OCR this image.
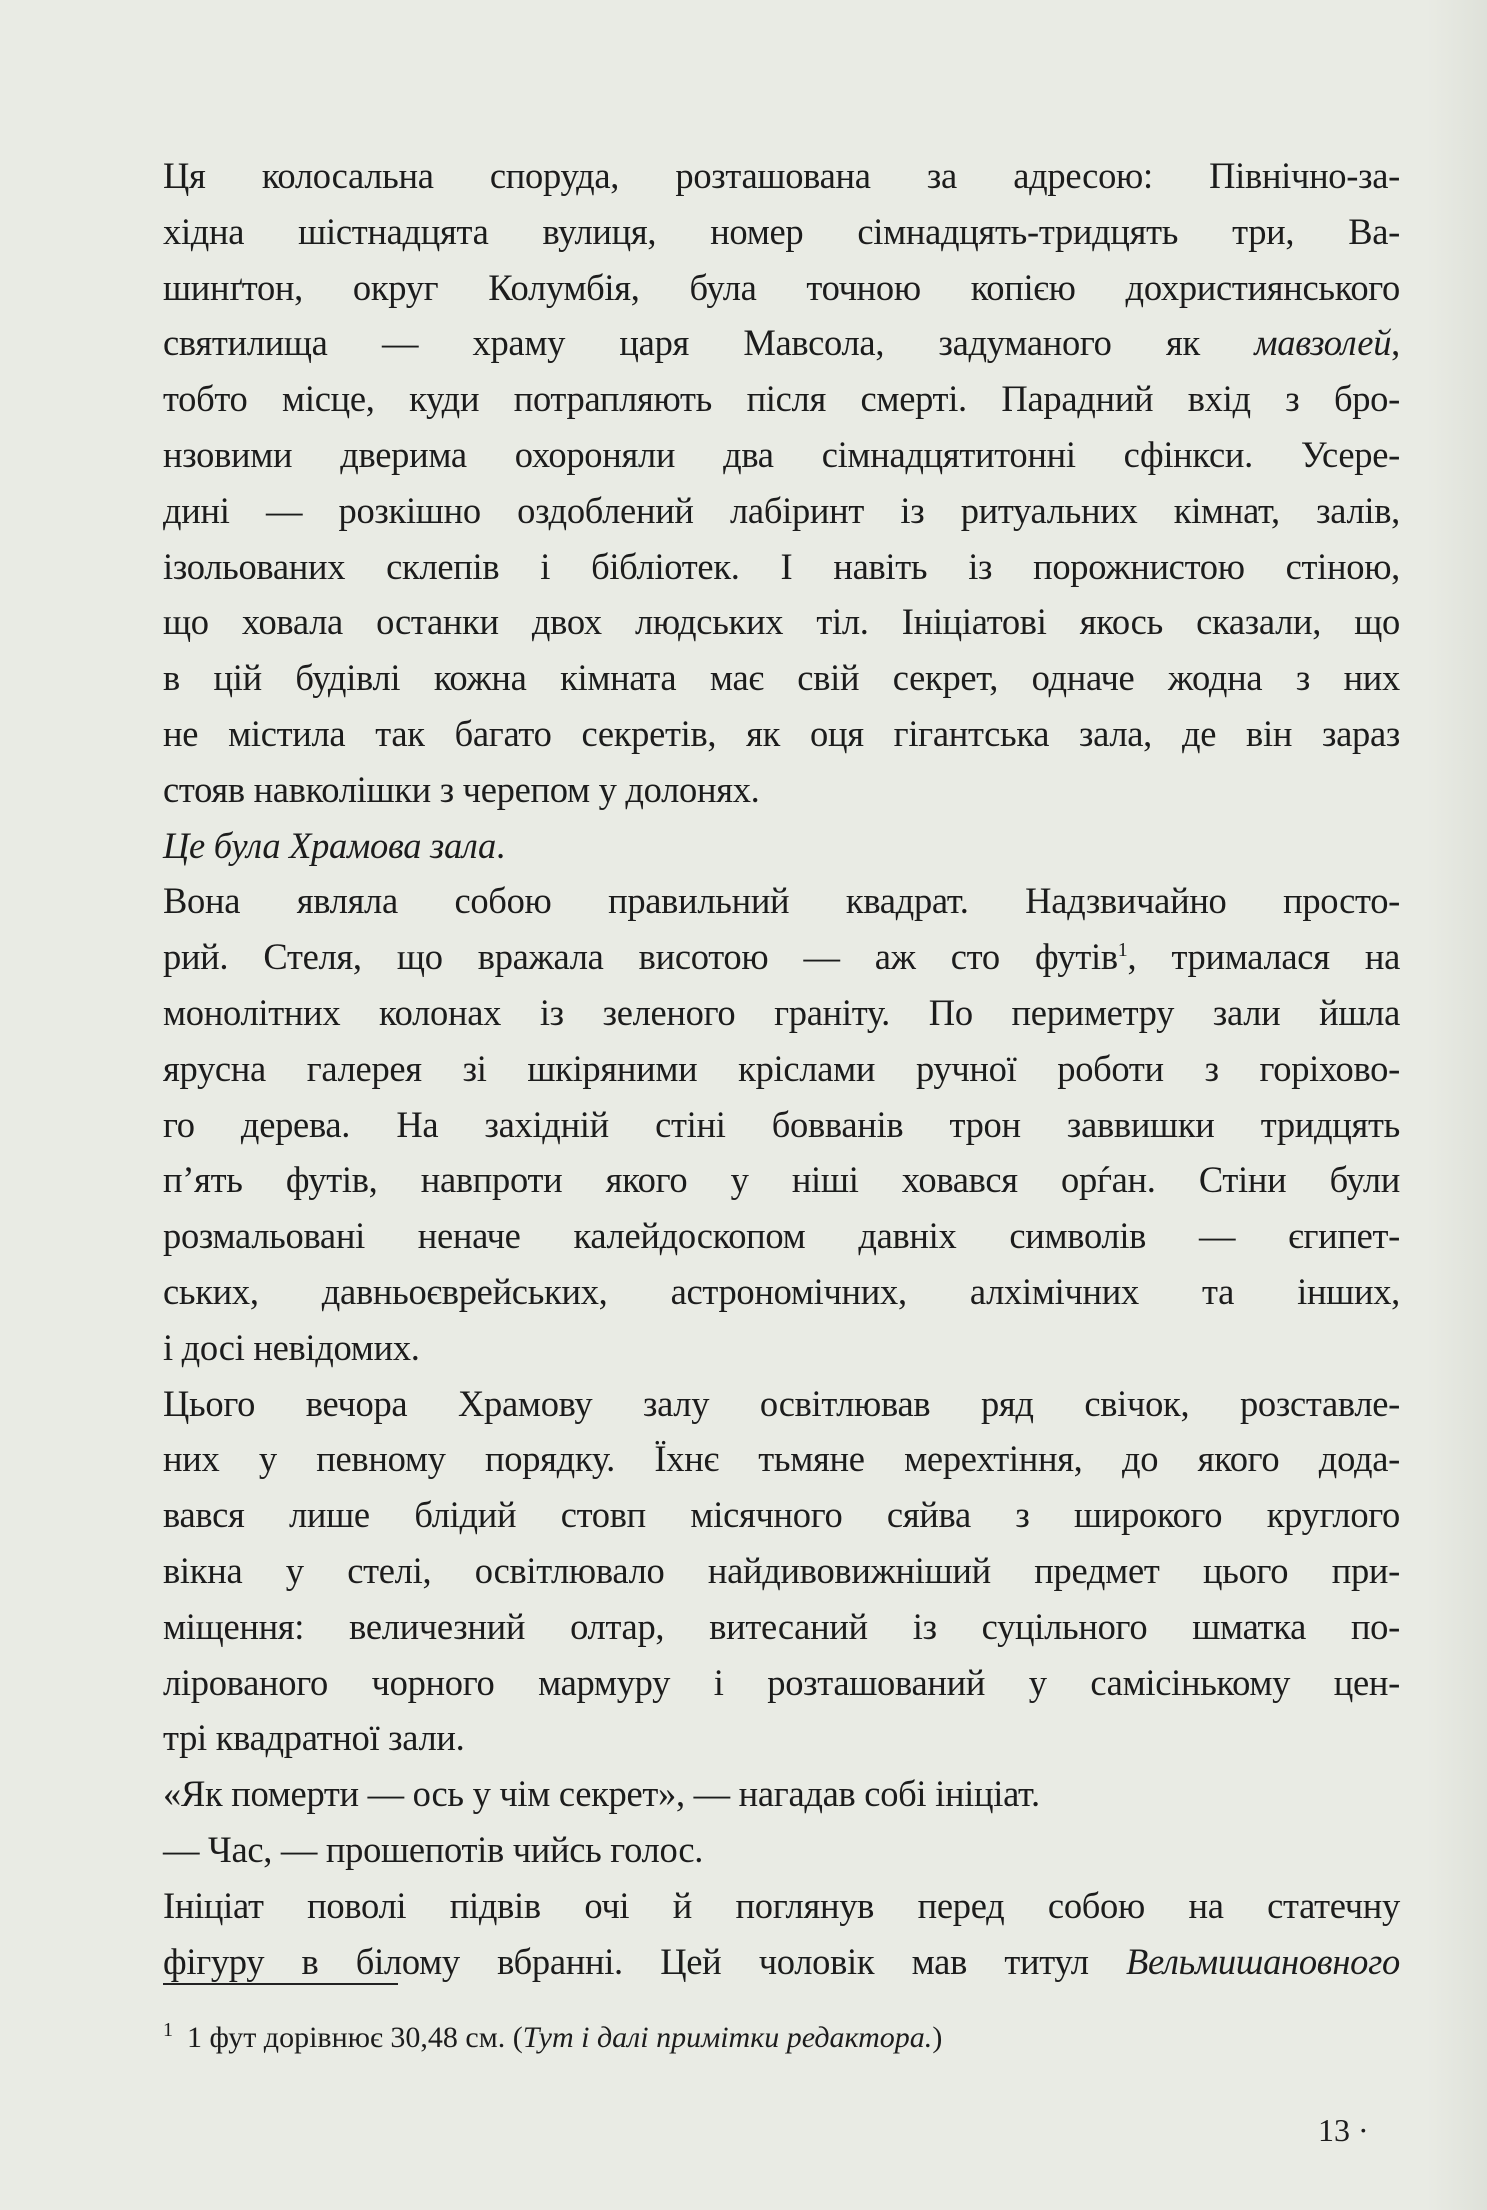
Ця колосальна споруда, розташована за адресою: Північно-за-
хідна шістнадцята вулиця, номер сімнадцять-тридцять три, Ва-
шинґтон, округ Колумбія, була точною копією дохристиянського
святилища — храму царя Мавсола, задуманого як мавзолей,
тобто місце, куди потрапляють після смерті. Парадний вхід з бро-
нзовими дверима охороняли два сімнадцятитонні сфінкси. Усере-
дині — розкішно оздоблений лабіринт із ритуальних кімнат, залів,
ізольованих склепів і бібліотек. І навіть із порожнистою стіною,
що ховала останки двох людських тіл. Ініціатові якось сказали, що
в цій будівлі кожна кімната має свій секрет, одначе жодна з них
не містила так багато секретів, як оця гігантська зала, де він зараз
стояв навколішки з черепом у долонях.
Це була Храмова зала.
Вона являла собою правильний квадрат. Надзвичайно просто-
рий. Стеля, що вражала висотою — аж сто футів$^1$, трималася на
монолітних колонах із зеленого граніту. По периметру зали йшла
ярусна галерея зі шкіряними кріслами ручної роботи з горіхово-
го дерева. На західній стіні бовванів трон заввишки тридцять
п’ять футів, навпроти якого у ніші ховався орѓан. Стіни були
розмальовані неначе калейдоскопом давніх символів — єгипет-
ських, давньоєврейських, астрономічних, алхімічних та інших,
і досі невідомих.
Цього вечора Храмову залу освітлював ряд свічок, розставле-
них у певному порядку. Їхнє тьмяне мерехтіння, до якого дода-
вався лише блідий стовп місячного сяйва з широкого круглого
вікна у стелі, освітлювало найдивовижніший предмет цього при-
міщення: величезний олтар, витесаний із суцільного шматка по-
лірованого чорного мармуру і розташований у самісінькому цен-
трі квадратної зали.
«Як померти — ось у чім секрет», — нагадав собі ініціат.
— Час, — прошепотів чийсь голос.
Ініціат поволі підвів очі й поглянув перед собою на статечну
фігуру в білому вбранні. Цей чоловік мав титул Вельмишановного
$^1$ 1 фут дорівнює 30,48 см. (Тут і далі примітки редактора.)
13 ·
